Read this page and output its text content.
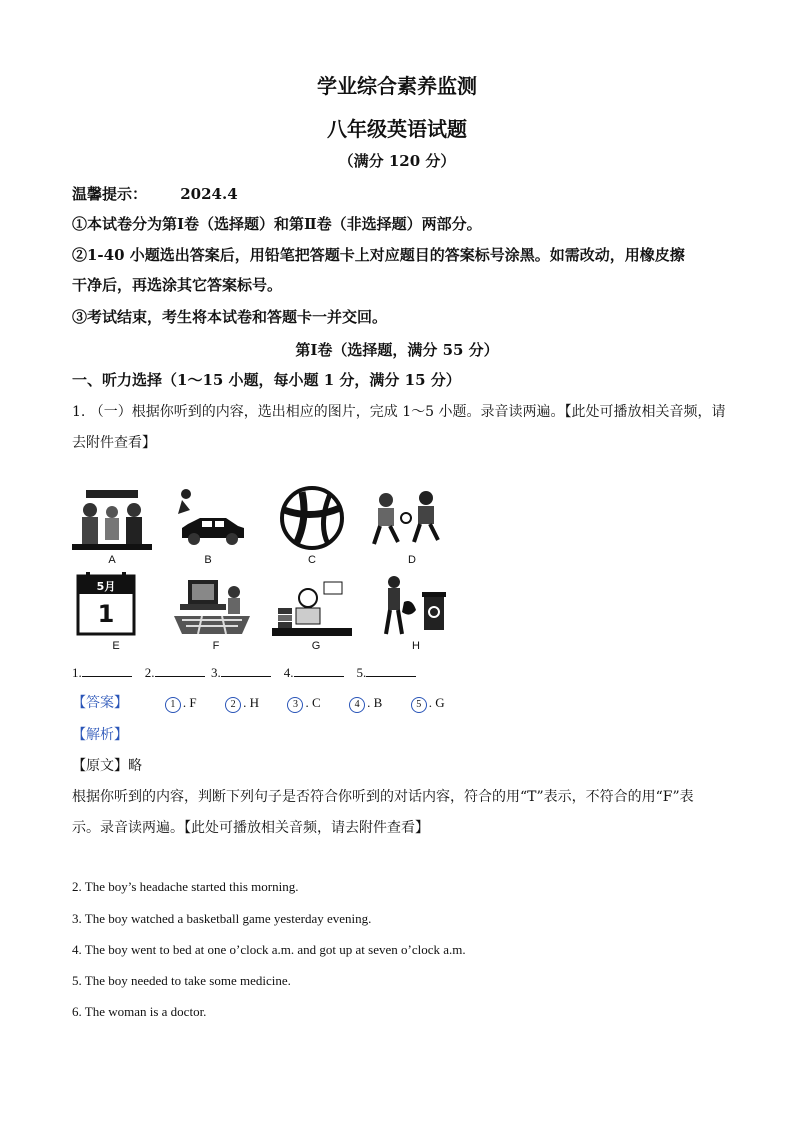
学业综合素养监测
八年级英语试题
（满分 120 分）
温馨提示： 2024.4
①本试卷分为第Ⅰ卷（选择题）和第Ⅱ卷（非选择题）两部分。
②1-40 小题选出答案后，用铅笔把答题卡上对应题目的答案标号涂黑。如需改动，用橡皮擦
干净后，再选涂其它答案标号。
③考试结束，考生将本试卷和答题卡一并交回。
第Ⅰ卷（选择题，满分 55 分）
一、听力选择（1～15 小题，每小题 1 分，满分 15 分）
1. （一）根据你听到的内容，选出相应的图片，完成 1～5 小题。录音读两遍。【此处可播放相关音频，请
去附件查看】
A	B	C	D
5月
1
E	F	G	H
1.	2.	3.	4.	5.
【答案】	1 . F	2 . H	3 . C	4 . B	5 . G
【解析】
【原文】略
根据你听到的内容，判断下列句子是否符合你听到的对话内容，符合的用“T”表示，不符合的用“F”表
示。录音读两遍。【此处可播放相关音频，请去附件查看】
2. The boy’s headache started this morning.
3. The boy watched a basketball game yesterday evening.
4. The boy went to bed at one o’clock a.m. and got up at seven o’clock a.m.
5. The boy needed to take some medicine.
6. The woman is a doctor.
